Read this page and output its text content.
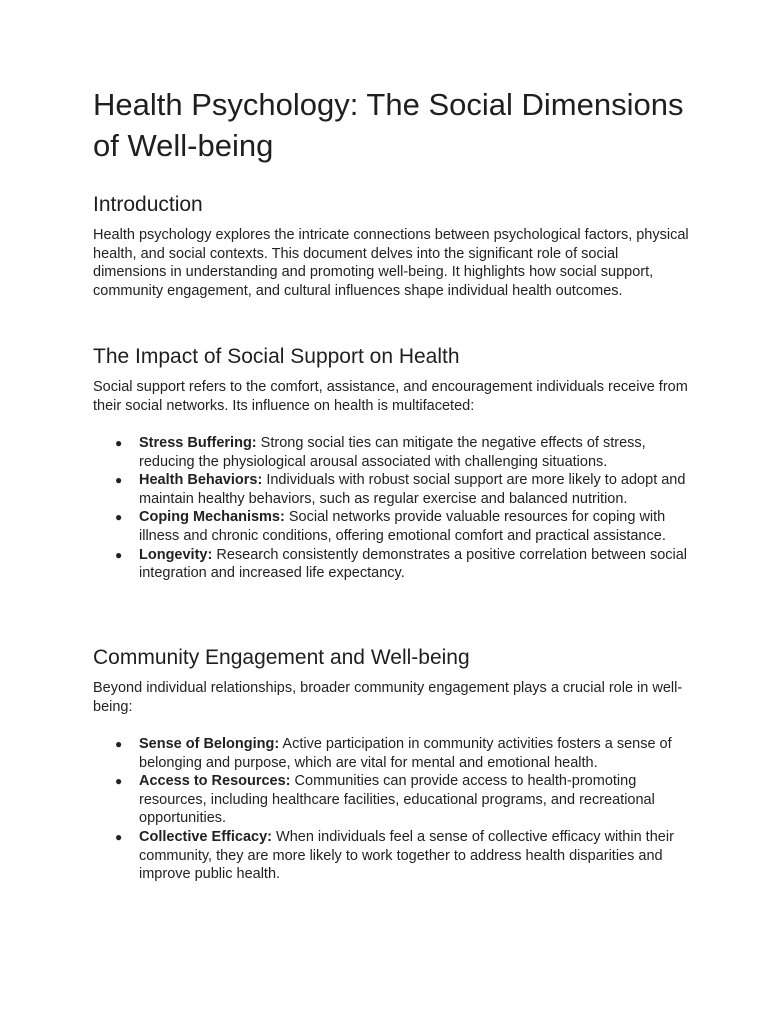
Health Psychology: The Social Dimensions of Well-being
Introduction

Health psychology explores the intricate connections between psychological factors, physical health, and social contexts. This document delves into the significant role of social dimensions in understanding and promoting well-being. It highlights how social support, community engagement, and cultural influences shape individual health outcomes.

The Impact of Social Support on Health

Social support refers to the comfort, assistance, and encouragement individuals receive from their social networks. Its influence on health is multifaceted:

● Stress Buffering: Strong social ties can mitigate the negative effects of stress, reducing the physiological arousal associated with challenging situations.
● Health Behaviors: Individuals with robust social support are more likely to adopt and maintain healthy behaviors, such as regular exercise and balanced nutrition.
● Coping Mechanisms: Social networks provide valuable resources for coping with illness and chronic conditions, offering emotional comfort and practical assistance.
● Longevity: Research consistently demonstrates a positive correlation between social integration and increased life expectancy.
Community Engagement and Well-being

Beyond individual relationships, broader community engagement plays a crucial role in well-being:

● Sense of Belonging: Active participation in community activities fosters a sense of belonging and purpose, which are vital for mental and emotional health.
● Access to Resources: Communities can provide access to health-promoting resources, including healthcare facilities, educational programs, and recreational opportunities.
● Collective Efficacy: When individuals feel a sense of collective efficacy within their community, they are more likely to work together to address health disparities and improve public health.
